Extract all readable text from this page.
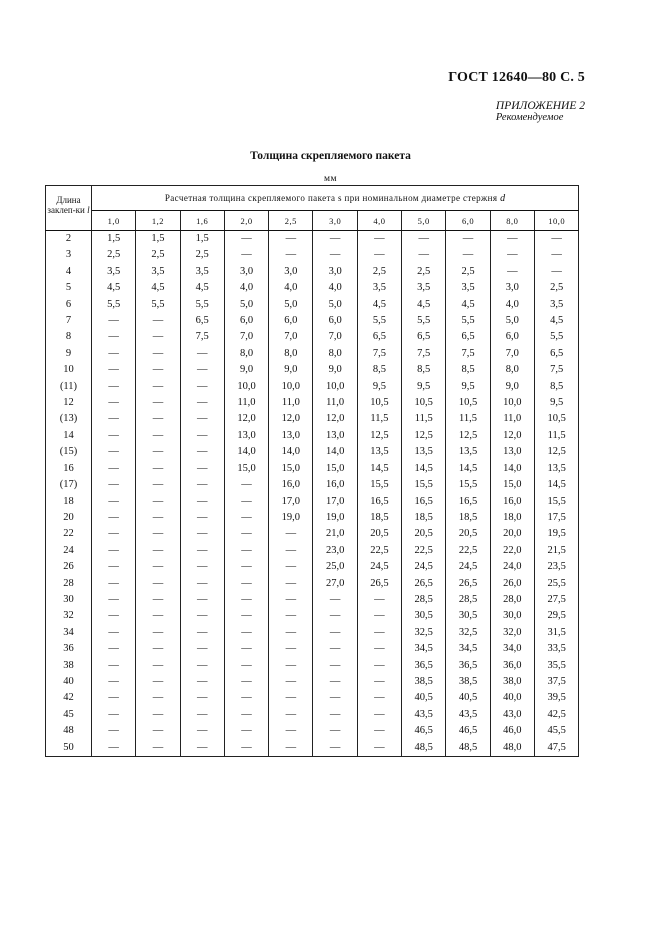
ГОСТ 12640—80 С. 5
ПРИЛОЖЕНИЕ 2
Рекомендуемое
Толщина скрепляемого пакета
мм
Длина заклеп-ки l	Расчетная толщина скрепляемого пакета s при номинальном диаметре стержня d										
	1,0	1,2	1,6	2,0	2,5	3,0	4,0	5,0	6,0	8,0	10,0
2	1,5	1,5	1,5	—	—	—	—	—	—	—	—
3	2,5	2,5	2,5	—	—	—	—	—	—	—	—
4	3,5	3,5	3,5	3,0	3,0	3,0	2,5	2,5	2,5	—	—
5	4,5	4,5	4,5	4,0	4,0	4,0	3,5	3,5	3,5	3,0	2,5
6	5,5	5,5	5,5	5,0	5,0	5,0	4,5	4,5	4,5	4,0	3,5
7	—	—	6,5	6,0	6,0	6,0	5,5	5,5	5,5	5,0	4,5
8	—	—	7,5	7,0	7,0	7,0	6,5	6,5	6,5	6,0	5,5
9	—	—	—	8,0	8,0	8,0	7,5	7,5	7,5	7,0	6,5
10	—	—	—	9,0	9,0	9,0	8,5	8,5	8,5	8,0	7,5
(11)	—	—	—	10,0	10,0	10,0	9,5	9,5	9,5	9,0	8,5
12	—	—	—	11,0	11,0	11,0	10,5	10,5	10,5	10,0	9,5
(13)	—	—	—	12,0	12,0	12,0	11,5	11,5	11,5	11,0	10,5
14	—	—	—	13,0	13,0	13,0	12,5	12,5	12,5	12,0	11,5
(15)	—	—	—	14,0	14,0	14,0	13,5	13,5	13,5	13,0	12,5
16	—	—	—	15,0	15,0	15,0	14,5	14,5	14,5	14,0	13,5
(17)	—	—	—	—	16,0	16,0	15,5	15,5	15,5	15,0	14,5
18	—	—	—	—	17,0	17,0	16,5	16,5	16,5	16,0	15,5
20	—	—	—	—	19,0	19,0	18,5	18,5	18,5	18,0	17,5
22	—	—	—	—	—	21,0	20,5	20,5	20,5	20,0	19,5
24	—	—	—	—	—	23,0	22,5	22,5	22,5	22,0	21,5
26	—	—	—	—	—	25,0	24,5	24,5	24,5	24,0	23,5
28	—	—	—	—	—	27,0	26,5	26,5	26,5	26,0	25,5
30	—	—	—	—	—	—	—	28,5	28,5	28,0	27,5
32	—	—	—	—	—	—	—	30,5	30,5	30,0	29,5
34	—	—	—	—	—	—	—	32,5	32,5	32,0	31,5
36	—	—	—	—	—	—	—	34,5	34,5	34,0	33,5
38	—	—	—	—	—	—	—	36,5	36,5	36,0	35,5
40	—	—	—	—	—	—	—	38,5	38,5	38,0	37,5
42	—	—	—	—	—	—	—	40,5	40,5	40,0	39,5
45	—	—	—	—	—	—	—	43,5	43,5	43,0	42,5
48	—	—	—	—	—	—	—	46,5	46,5	46,0	45,5
50	—	—	—	—	—	—	—	48,5	48,5	48,0	47,5
